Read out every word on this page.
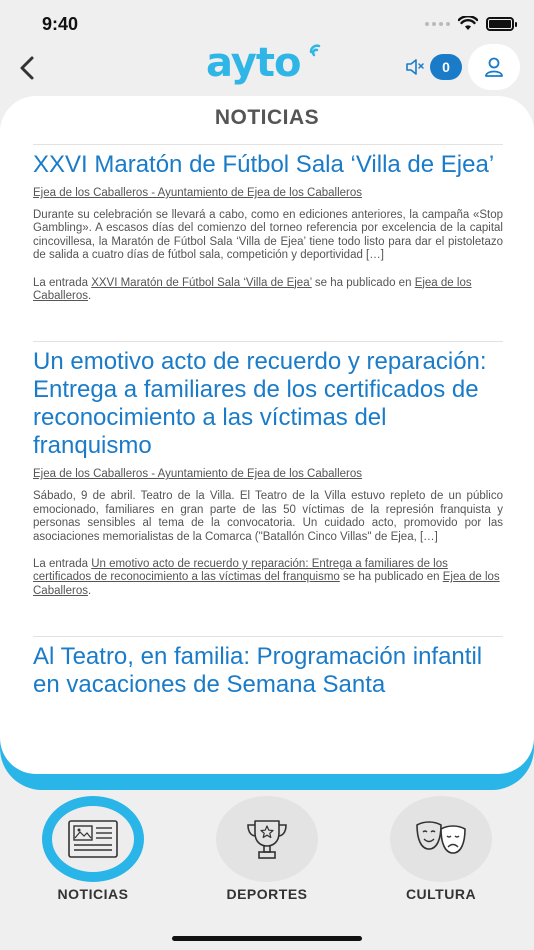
9:40
ayto	0
NOTICIAS
XXVI Maratón de Fútbol Sala ‘Villa de Ejea’
Ejea de los Caballeros - Ayuntamiento de Ejea de los Caballeros
Durante su celebración se llevará a cabo, como en ediciones anteriores, la campaña «Stop Gambling». A escasos días del comienzo del torneo referencia por excelencia de la capital cincovillesa, la Maratón de Fútbol Sala ‘Villa de Ejea’ tiene todo listo para dar el pistoletazo de salida a cuatro días de fútbol sala, competición y deportividad […]
La entrada XXVI Maratón de Fútbol Sala ‘Villa de Ejea’ se ha publicado en Ejea de los Caballeros.
Un emotivo acto de recuerdo y reparación: Entrega a familiares de los certificados de reconocimiento a las víctimas del franquismo
Ejea de los Caballeros - Ayuntamiento de Ejea de los Caballeros
Sábado, 9 de abril. Teatro de la Villa. El Teatro de la Villa estuvo repleto de un público emocionado, familiares en gran parte de las 50 víctimas de la represión franquista y personas sensibles al tema de la convocatoria. Un cuidado acto, promovido por las asociaciones memorialistas de la Comarca ("Batallón Cinco Villas" de Ejea, […]
La entrada Un emotivo acto de recuerdo y reparación: Entrega a familiares de los certificados de reconocimiento a las víctimas del franquismo se ha publicado en Ejea de los Caballeros.
Al Teatro, en familia: Programación infantil en vacaciones de Semana Santa
NOTICIAS	DEPORTES	CULTURA
